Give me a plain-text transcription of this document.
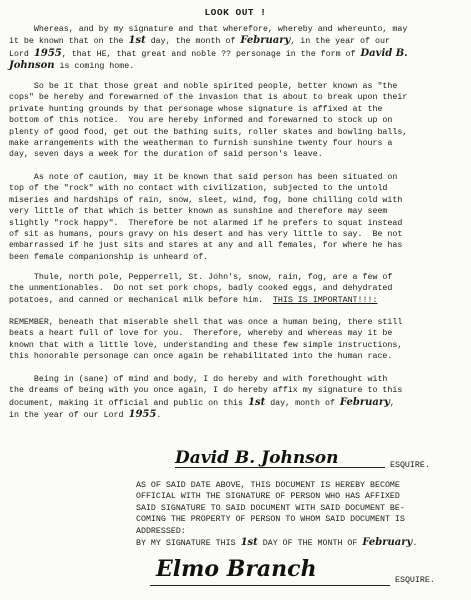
LOOK OUT !
Whereas, and by my signature and that wherefore, whereby and whereunto, may
it be known that on the 1st day, the month of February, in the year of our
Lord 1955, that HE, that great and noble ?? personage in the form of David B.
Johnson is coming home.
So be it that those great and noble spirited people, better known as "the
cops" be hereby and forewarned of the invasion that is about to break upon their
private hunting grounds by that personage whose signature is affixed at the
bottom of this notice.  You are hereby informed and forewarned to stock up on
plenty of good food, get out the bathing suits, roller skates and bowling balls,
make arrangements with the weatherman to furnish sunshine twenty four hours a
day, seven days a week for the duration of said person's leave.
As note of caution, may it be known that said person has been situated on
top of the "rock" with no contact with civilization, subjected to the untold
miseries and hardships of rain, snow, sleet, wind, fog, bone chilling cold with
very little of that which is better known as sunshine and therefore may seem
slightly "rock happy".  Therefore be not alarmed if he prefers to squat instead
of sit as humans, pours gravy on his desert and has very little to say.  Be not
embarrassed if he just sits and stares at any and all females, for where he has
been female companionship is unheard of.
Thule, north pole, Pepperrell, St. John's, snow, rain, fog, are a few of
the unmentionables.  Do not set pork chops, badly cooked eggs, and dehydrated
potatoes, and canned or mechanical milk before him.  THIS IS IMPORTANT!!!:
REMEMBER, beneath that miserable shell that was once a human being, there still
beats a heart full of love for you.  Therefore, whereby and whereas may it be
known that with a little love, understanding and these few simple instructions,
this honorable personage can once again be rehabilitated into the human race.
Being in (sane) of mind and body, I do hereby and with forethought with
the dreams of being with you once again, I do hereby affix my signature to this
document, making it official and public on this 1st day, month of February,
in the year of our Lord 1955.
David B. Johnson	ESQUIRE.
AS OF SAID DATE ABOVE, THIS DOCUMENT IS HEREBY BECOME
OFFICIAL WITH THE SIGNATURE OF PERSON WHO HAS AFFIXED
SAID SIGNATURE TO SAID DOCUMENT WITH SAID DOCUMENT BE-
COMING THE PROPERTY OF PERSON TO WHOM SAID DOCUMENT IS
ADDRESSED:
BY MY SIGNATURE THIS 1st DAY OF THE MONTH OF February.
Elmo Branch	ESQUIRE.
